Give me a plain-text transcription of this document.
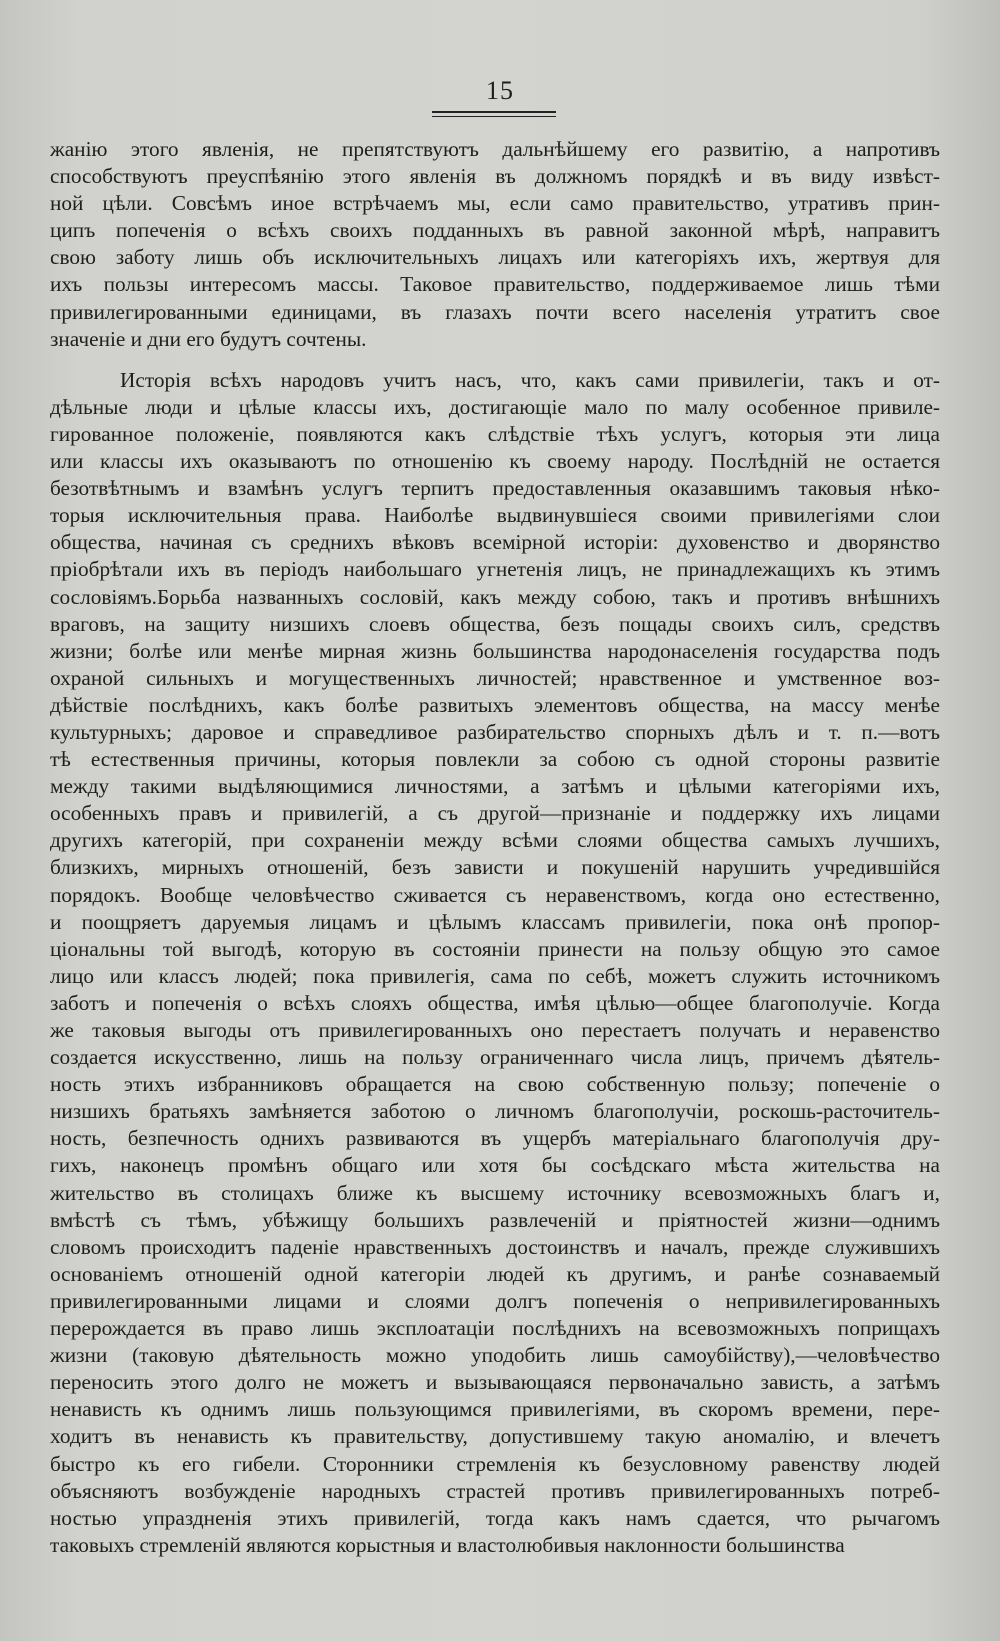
15

жанію этого явленія, не препятствуютъ дальнѣйшему его развитію, а напротивъ
способствуютъ преуспѣянію этого явленія въ должномъ порядкѣ и въ виду извѣст-
ной цѣли. Совсѣмъ иное встрѣчаемъ мы, если само правительство, утративъ прин-
ципъ попеченія о всѣхъ своихъ подданныхъ въ равной законной мѣрѣ, направитъ
свою заботу лишь объ исключительныхъ лицахъ или категоріяхъ ихъ, жертвуя для
ихъ пользы интересомъ массы. Таковое правительство, поддерживаемое лишь тѣми
привилегированными единицами, въ глазахъ почти всего населенія утратитъ свое
значеніе и дни его будутъ сочтены.

Исторія всѣхъ народовъ учитъ насъ, что, какъ сами привилегіи, такъ и от-
дѣльные люди и цѣлые классы ихъ, достигающіе мало по малу особенное привиле-
гированное положеніе, появляются какъ слѣдствіе тѣхъ услугъ, которыя эти лица
или классы ихъ оказываютъ по отношенію къ своему народу. Послѣдній не остается
безотвѣтнымъ и взамѣнъ услугъ терпитъ предоставленныя оказавшимъ таковыя нѣко-
торыя исключительныя права. Наиболѣе выдвинувшіеся своими привилегіями слои
общества, начиная съ среднихъ вѣковъ всемірной исторіи: духовенство и дворянство
пріобрѣтали ихъ въ періодъ наибольшаго угнетенія лицъ, не принадлежащихъ къ этимъ
сословіямъ.Борьба названныхъ сословій, какъ между собою, такъ и противъ внѣшнихъ
враговъ, на защиту низшихъ слоевъ общества, безъ пощады своихъ силъ, средствъ
жизни; болѣе или менѣе мирная жизнь большинства народонаселенія государства подъ
охраной сильныхъ и могущественныхъ личностей; нравственное и умственное воз-
дѣйствіе послѣднихъ, какъ болѣе развитыхъ элементовъ общества, на массу менѣе
культурныхъ; даровое и справедливое разбирательство спорныхъ дѣлъ и т. п.—вотъ
тѣ естественныя причины, которыя повлекли за собою съ одной стороны развитіе
между такими выдѣляющимися личностями, а затѣмъ и цѣлыми категоріями ихъ,
особенныхъ правъ и привилегій, а съ другой—признаніе и поддержку ихъ лицами
другихъ категорій, при сохраненіи между всѣми слоями общества самыхъ лучшихъ,
близкихъ, мирныхъ отношеній, безъ зависти и покушеній нарушить учредившійся
порядокъ. Вообще человѣчество сживается съ неравенствомъ, когда оно естественно,
и поощряетъ даруемыя лицамъ и цѣлымъ классамъ привилегіи, пока онѣ пропор-
ціональны той выгодѣ, которую въ состояніи принести на пользу общую это самое
лицо или классъ людей; пока привилегія, сама по себѣ, можетъ служить источникомъ
заботъ и попеченія о всѣхъ слояхъ общества, имѣя цѣлью—общее благополучіе. Когда
же таковыя выгоды отъ привилегированныхъ оно перестаетъ получать и неравенство
создается искусственно, лишь на пользу ограниченнаго числа лицъ, причемъ дѣятель-
ность этихъ избранниковъ обращается на свою собственную пользу; попеченіе о
низшихъ братьяхъ замѣняется заботою о личномъ благополучіи, роскошь-расточитель-
ность, безпечность однихъ развиваются въ ущербъ матеріальнаго благополучія дру-
гихъ, наконецъ промѣнъ общаго или хотя бы сосѣдскаго мѣста жительства на
жительство въ столицахъ ближе къ высшему источнику всевозможныхъ благъ и,
вмѣстѣ съ тѣмъ, убѣжищу большихъ развлеченій и пріятностей жизни—однимъ
словомъ происходитъ паденіе нравственныхъ достоинствъ и началъ, прежде служившихъ
основаніемъ отношеній одной категоріи людей къ другимъ, и ранѣе сознаваемый
привилегированными лицами и слоями долгъ попеченія о непривилегированныхъ
перерождается въ право лишь эксплоатаціи послѣднихъ на всевозможныхъ поприщахъ
жизни (таковую дѣятельность можно уподобить лишь самоубійству),—человѣчество
переносить этого долго не можетъ и вызывающаяся первоначально зависть, а затѣмъ
ненависть къ однимъ лишь пользующимся привилегіями, въ скоромъ времени, пере-
ходитъ въ ненависть къ правительству, допустившему такую аномалію, и влечетъ
быстро къ его гибели. Сторонники стремленія къ безусловному равенству людей
объясняютъ возбужденіе народныхъ страстей противъ привилегированныхъ потреб-
ностью упраздненія этихъ привилегій, тогда какъ намъ сдается, что рычагомъ
таковыхъ стремленій являются корыстныя и властолюбивыя наклонности большинства
